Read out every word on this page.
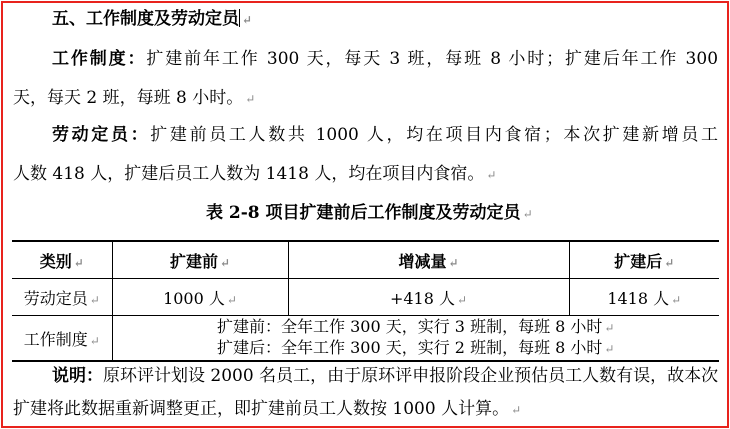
五、工作制度及劳动定员 ↵
工作制度：扩建前年工作 300 天，每天 3 班，每班 8 小时；扩建后年工作 300
天，每天 2 班，每班 8 小时。 ↵
劳动定员：扩建前员工人数共 1000 人，均在项目内食宿；本次扩建新增员工
人数 418 人，扩建后员工人数为 1418 人，均在项目内食宿。 ↵
表 2-8 项目扩建前后工作制度及劳动定员 ↵
类别 ↵	扩建前 ↵	增减量 ↵	扩建后 ↵
劳动定员 ↵	1000 人 ↵	+418 人 ↵	1418 人 ↵
工作制度 ↵	扩建前：全年工作 300 天，实行 3 班制，每班 8 小时 ↵
扩建后：全年工作 300 天，实行 2 班制，每班 8 小时 ↵		
说明：原环评计划设 2000 名员工，由于原环评申报阶段企业预估员工人数有误，故本次
扩建将此数据重新调整更正，即扩建前员工人数按 1000 人计算。 ↵
